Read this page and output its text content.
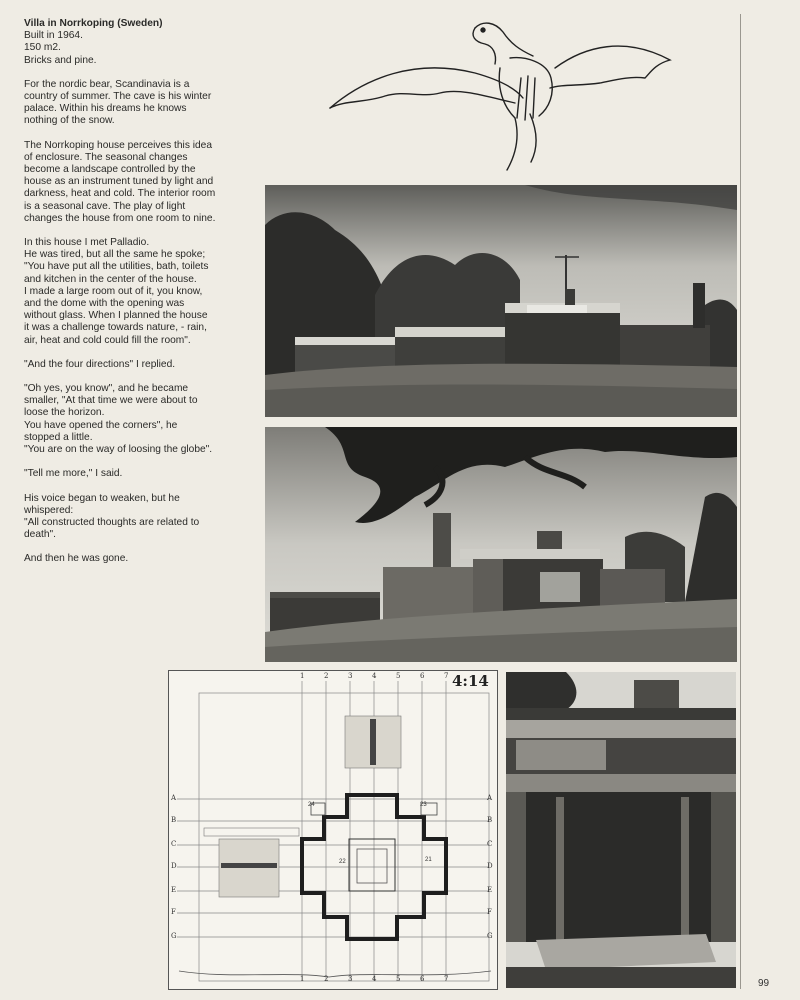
Villa in Norrkoping (Sweden)
Built in 1964.
150 m2.
Bricks and pine.

For the nordic bear, Scandinavia is a
country of summer. The cave is his winter
palace. Within his dreams he knows
nothing of the snow.

The Norrkoping house perceives this idea
of enclosure. The seasonal changes
become a landscape controlled by the
house as an instrument tuned by light and
darkness, heat and cold. The interior room
is a seasonal cave. The play of light
changes the house from one room to nine.

In this house I met Palladio.
He was tired, but all the same he spoke;
"You have put all the utilities, bath, toilets
and kitchen in the center of the house.
I made a large room out of it, you know,
and the dome with the opening was
without glass. When I planned the house
it was a challenge towards nature, - rain,
air, heat and cold could fill the room".

"And the four directions" I replied.

"Oh yes, you know", and he became
smaller, "At that time we were about to
loose the horizon.
You have opened the corners", he
stopped a little.
"You are on the way of loosing the globe".

"Tell me more," I said.

His voice began to weaken, but he
whispered:
"All constructed thoughts are related to
death".

And then he was gone.

1
1
2
2
3
3
4
4
5
5
6
6
7
7
A	A
B	B
C	C
D	D
E	E
F	F
G	G
24	23
22	21
4:14
99
